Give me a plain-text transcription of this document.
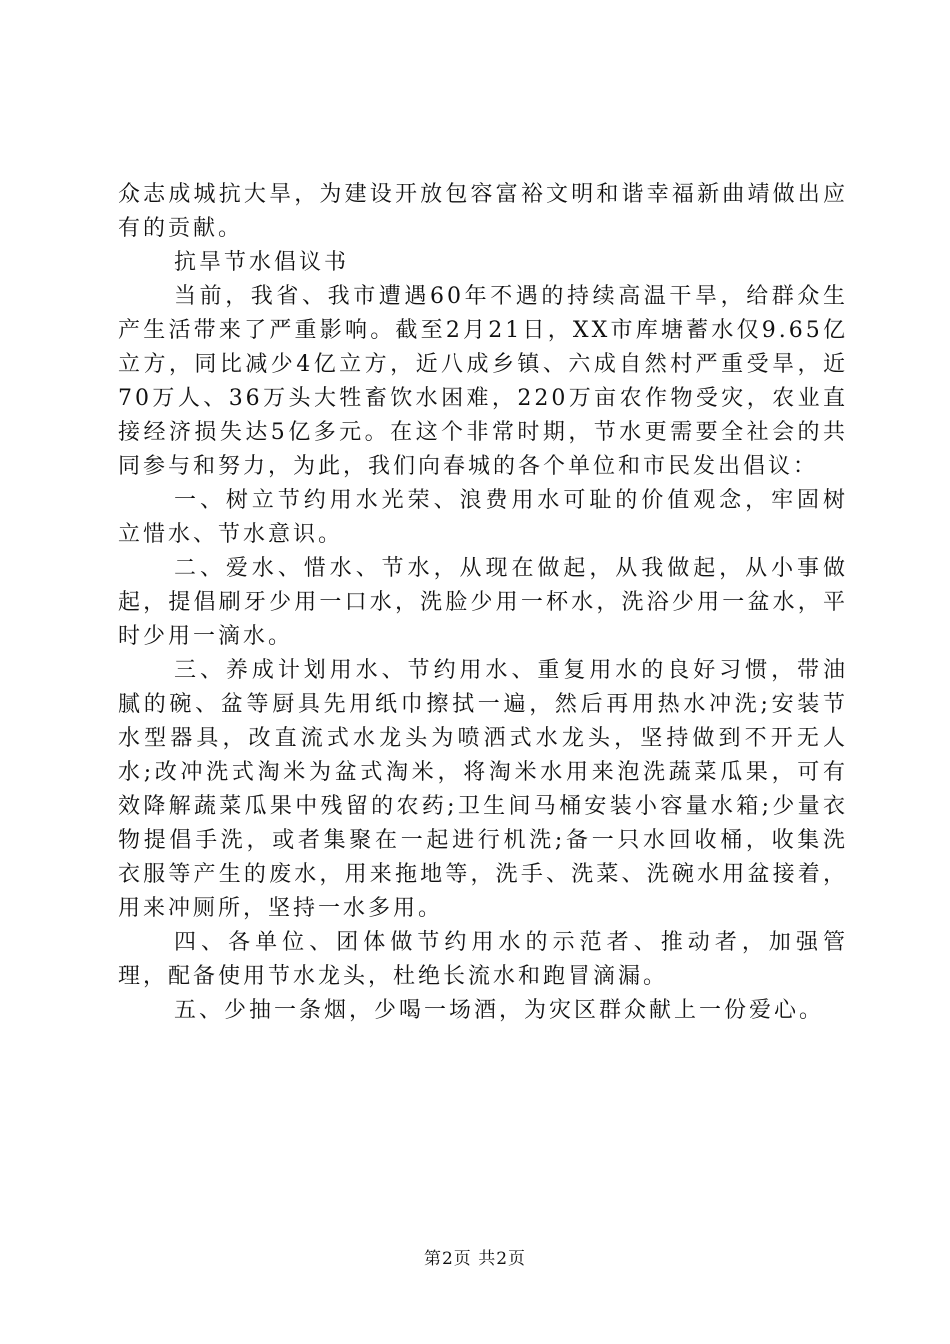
众志成城抗大旱，为建设开放包容富裕文明和谐幸福新曲靖做出应有的贡献。

抗旱节水倡议书

当前，我省、我市遭遇60年不遇的持续高温干旱，给群众生产生活带来了严重影响。截至2月21日，XX市库塘蓄水仅9.65亿立方，同比减少4亿立方，近八成乡镇、六成自然村严重受旱，近70万人、36万头大牲畜饮水困难，220万亩农作物受灾，农业直接经济损失达5亿多元。在这个非常时期，节水更需要全社会的共同参与和努力，为此，我们向春城的各个单位和市民发出倡议：

一、树立节约用水光荣、浪费用水可耻的价值观念，牢固树立惜水、节水意识。

二、爱水、惜水、节水，从现在做起，从我做起，从小事做起，提倡刷牙少用一口水，洗脸少用一杯水，洗浴少用一盆水，平时少用一滴水。

三、养成计划用水、节约用水、重复用水的良好习惯，带油腻的碗、盆等厨具先用纸巾擦拭一遍，然后再用热水冲洗;安装节水型器具，改直流式水龙头为喷洒式水龙头，坚持做到不开无人水;改冲洗式淘米为盆式淘米，将淘米水用来泡洗蔬菜瓜果，可有效降解蔬菜瓜果中残留的农药;卫生间马桶安装小容量水箱;少量衣物提倡手洗，或者集聚在一起进行机洗;备一只水回收桶，收集洗衣服等产生的废水，用来拖地等，洗手、洗菜、洗碗水用盆接着，用来冲厕所，坚持一水多用。

四、各单位、团体做节约用水的示范者、推动者，加强管理，配备使用节水龙头，杜绝长流水和跑冒滴漏。

五、少抽一条烟，少喝一场酒，为灾区群众献上一份爱心。

第2页 共2页
